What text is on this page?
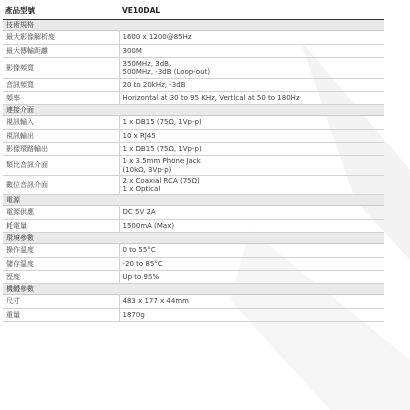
產品型號	VE10DAL
技術規格	
最大影像解析度	1600 x 1200@85Hz

最大傳輸距離	300M

影像頻寬	350MHz, 3dB,
500MHz, -3dB (Loop-out)

音訊頻寬	20 to 20kHz, -3dB

頻率	Horizontal at 30 to 95 KHz, Vertical at 50 to 180Hz

連接介面	
視訊輸入	1 x DB15 (75Ω, 1Vp-p)

視訊輸出	10 x RJ45

影像環路輸出	1 x DB15 (75Ω, 1Vp-p)

類比音訊介面	1 x 3.5mm Phone Jack
(10kΩ, 3Vp-p)

數位音訊介面	2 x Coaxial RCA (75Ω)
1 x Optical

電源	
電源供應	DC 5V 2A

耗電量	1500mA (Max)

環境參數	
操作溫度	0 to 55°C

儲存溫度	-20 to 85°C

溼度	Up to 95%

機體參數	
尺寸	483 x 177 x 44mm

重量	1870g
